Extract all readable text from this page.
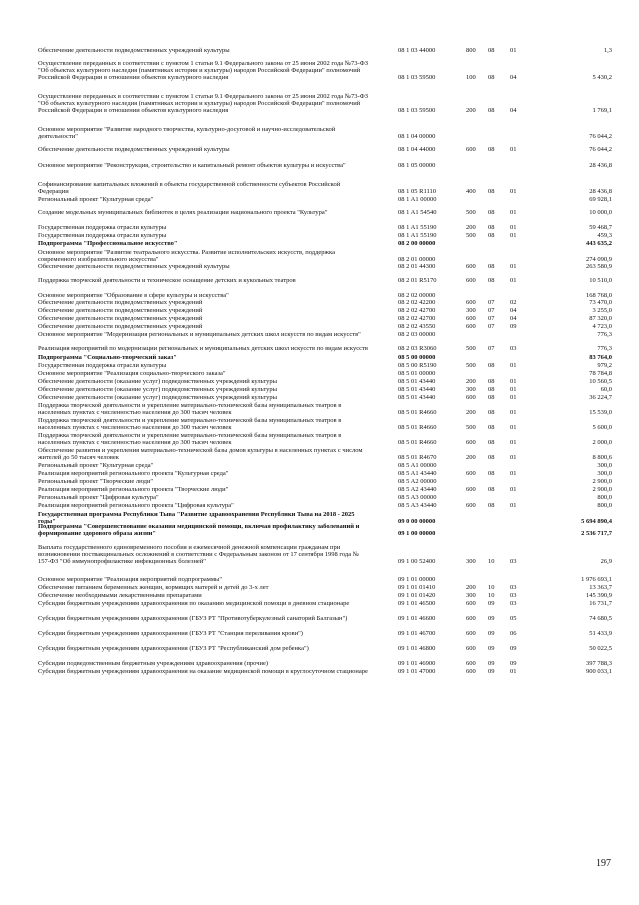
Обеспечение деятельности подведомственных учреждений культуры	08 1 03 44000	800	08	01	1,3
Осуществление переданных в соответствии с пунктом 1 статьи 9.1 Федерального закона от 25 июня 2002 года №73-ФЗ "Об объектах культурного наследия (памятниках истории и культуры) народов Российской Федерации" полномочий Российской Федерации в отношении объектов культурного наследия	08 1 03 59500	100	08	04	5 430,2
Осуществление переданных в соответствии с пунктом 1 статьи 9.1 Федерального закона от 25 июня 2002 года №73-ФЗ "Об объектах культурного наследия (памятниках истории и культуры) народов Российской Федерации" полномочий Российской Федерации в отношении объектов культурного наследия	08 1 03 59500	200	08	04	1 769,1
Основное мероприятие "Развитие народного творчества, культурно-досуговой и научно-исследовательской деятельности"	08 1 04 00000	76 044,2
Обеспечение деятельности подведомственных учреждений культуры	08 1 04 44000	600	08	01	76 044,2
Основное мероприятие "Реконструкция, строительство и капитальный ремонт объектов культуры и искусства"	08 1 05 00000	28 436,8
Софинансирование капитальных вложений в объекты государственной собственности субъектов Российской Федерации	08 1 05 R1110	400	08	01	28 436,8
Региональный проект "Культурная среда"	08 1 A1 00000	69 928,1
Создание модельных муниципальных библиотек в целях реализации национального проекта "Культура"	08 1 A1 54540	500	08	01	10 000,0
Государственная поддержка отрасли культуры	08 1 A1 55190	200	08	01	59 468,7
Государственная поддержка отрасли культуры	08 1 A1 55190	500	08	01	459,3
Подпрограмма "Профессиональное искусство"	08 2 00 00000	443 635,2
Основное мероприятие "Развитие театрального искусства. Развитие исполнительских искусств, поддержка современного изобразительного искусства"	08 2 01 00000	274 090,9
Обеспечение деятельности подведомственных учреждений культуры	08 2 01 44300	600	08	01	263 580,9
Поддержка творческой деятельности и техническое оснащение детских и кукольных театров	08 2 01 R5170	600	08	01	10 510,0
Основное мероприятие "Образование в сфере культуры и искусства"	08 2 02 00000	168 768,0
Обеспечение деятельности подведомственных учреждений	08 2 02 42200	600	07	02	73 470,0
Обеспечение деятельности подведомственных учреждений	08 2 02 42700	300	07	04	3 255,0
Обеспечение деятельности подведомственных учреждений	08 2 02 42700	600	07	04	87 320,0
Обеспечение деятельности подведомственных учреждений	08 2 02 43550	600	07	09	4 723,0
Основное мероприятие "Модернизация региональных и муниципальных детских школ искусств по видам искусств"	08 2 03 00000	776,3
Реализация мероприятий по модернизации региональных и муниципальных детских школ искусств по видам искусств	08 2 03 R3060	500	07	03	776,3
Подпрограмма "Социально-творческий заказ"	08 5 00 00000	83 764,0
Государственная поддержка отрасли культуры	08 5 00 R5190	500	08	01	979,2
Основное мероприятие "Реализация социально-творческого заказа"	08 5 01 00000	78 784,8
Обеспечение деятельности (оказание услуг) подведомственных учреждений культуры	08 5 01 43440	200	08	01	10 560,5
Обеспечение деятельности (оказание услуг) подведомственных учреждений культуры	08 5 01 43440	300	08	01	60,0
Обеспечение деятельности (оказание услуг) подведомственных учреждений культуры	08 5 01 43440	600	08	01	36 224,7
Поддержка творческой деятельности и укрепление материально-технической базы муниципальных театров в населенных пунктах с численностью населения до 300 тысяч человек	08 5 01 R4660	200	08	01	15 539,0
Поддержка творческой деятельности и укрепление материально-технической базы муниципальных театров в населенных пунктах с численностью населения до 300 тысяч человек	08 5 01 R4660	500	08	01	5 600,0
Поддержка творческой деятельности и укрепление материально-технической базы муниципальных театров в населенных пунктах с численностью населения до 300 тысяч человек	08 5 01 R4660	600	08	01	2 000,0
Обеспечение развития и укрепления материально-технической базы домов культуры в населенных пунктах с числом жителей до 50 тысяч человек	08 5 01 R4670	200	08	01	8 800,6
Региональный проект "Культурная среда"	08 5 A1 00000	300,0
Реализация мероприятий регионального проекта "Культурная среда"	08 5 A1 43440	600	08	01	300,0
Региональный проект "Творческие люди"	08 5 A2 00000	2 900,0
Реализация мероприятий регионального проекта "Творческие люди"	08 5 A2 43440	600	08	01	2 900,0
Региональный проект "Цифровая культура"	08 5 A3 00000	800,0
Реализация мероприятий регионального проекта "Цифровая культура"	08 5 A3 43440	600	08	01	800,0
Государственная программа Республики Тыва "Развитие здравоохранения Республики Тыва на 2018 - 2025 годы"	09 0 00 00000	5 694 890,4
Подпрограмма "Совершенствование оказания медицинской помощи, включая профилактику заболеваний и формирование здорового образа жизни"	09 1 00 00000	2 536 717,7
Выплата государственного единовременного пособия и ежемесячной денежной компенсации гражданам при возникновении поствакцинальных осложнений в соответствии с Федеральным законом от 17 сентября 1998 года № 157-ФЗ "Об иммунопрофилактике инфекционных болезней"	09 1 00 52400	300	10	03	26,9
Основное мероприятие "Реализация мероприятий подпрограммы"	09 1 01 00000	1 976 693,1
Обеспечение питанием беременных женщин, кормящих матерей и детей до 3-х лет	09 1 01 01410	200	10	03	13 363,7
Обеспечение необходимыми лекарственными препаратами	09 1 01 01420	300	10	03	145 390,9
Субсидии бюджетным учреждениям здравоохранения по оказанию медицинской помощи в дневном стационаре	09 1 01 46500	600	09	03	16 731,7
Субсидии бюджетным учреждениям здравоохранения (ГБУЗ РТ "Противотуберкулезный санаторий Балгазын")	09 1 01 46600	600	09	05	74 680,5
Субсидии бюджетным учреждениям здравоохранения (ГБУЗ РТ "Станция переливания крови")	09 1 01 46700	600	09	06	51 433,9
Субсидии бюджетным учреждениям здравоохранения (ГБУЗ РТ "Республиканский дом ребенка")	09 1 01 46800	600	09	09	50 022,5
Субсидии подведомственным бюджетным учреждениям здравоохранения (прочие)	09 1 01 46900	600	09	09	397 788,3
Субсидии бюджетным учреждениям здравоохранения на оказание медицинской помощи в круглосуточном стационаре	09 1 01 47000	600	09	01	900 033,1
197
